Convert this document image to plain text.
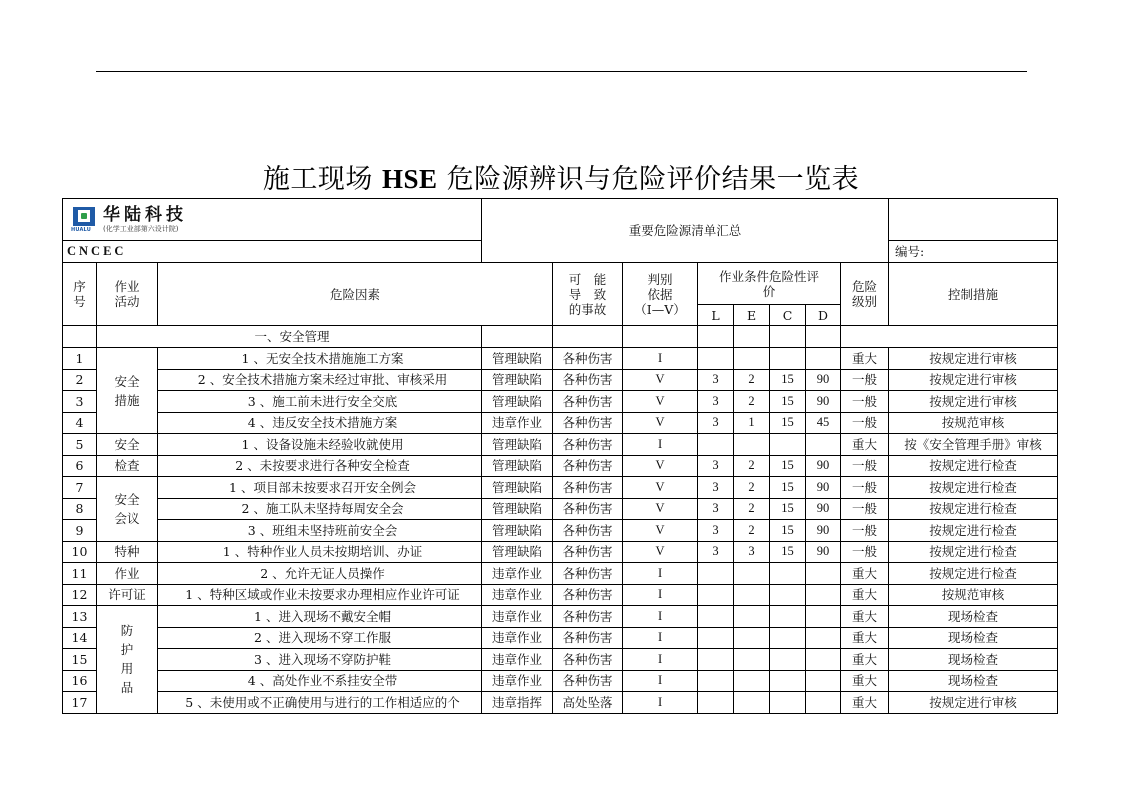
施工现场 HSE 危险源辨识与危险评价结果一览表
HUALU
华陆科技
(化学工业部第六设计院)			重要危险源清单汇总								
CNCEC											编号:
序
号	作业
活动	危险因素		可　能
导　致
的事故	判别
依据
（I—V）	作业条件危险性评
价				危险
级别	控制措施
						L	E	C	D		
	一、安全管理										
1	安全
措施	1 、无安全技术措施施工方案	管理缺陷	各种伤害	I					重大	按规定进行审核
2		2 、安全技术措施方案未经过审批、审核采用	管理缺陷	各种伤害	V	3	2	15	90	一般	按规定进行审核
3		3 、施工前未进行安全交底	管理缺陷	各种伤害	V	3	2	15	90	一般	按规定进行审核
4		4 、违反安全技术措施方案	违章作业	各种伤害	V	3	1	15	45	一般	按规范审核
5	安全	1 、设备设施未经验收就使用	管理缺陷	各种伤害	I					重大	按《安全管理手册》审核
6	检查	2 、未按要求进行各种安全检查	管理缺陷	各种伤害	V	3	2	15	90	一般	按规定进行检查
7	安全
会议	1 、项目部未按要求召开安全例会	管理缺陷	各种伤害	V	3	2	15	90	一般	按规定进行检查
8		2 、施工队未坚持每周安全会	管理缺陷	各种伤害	V	3	2	15	90	一般	按规定进行检查
9		3 、班组未坚持班前安全会	管理缺陷	各种伤害	V	3	2	15	90	一般	按规定进行检查
10	特种	1 、特种作业人员未按期培训、办证	管理缺陷	各种伤害	V	3	3	15	90	一般	按规定进行检查
11	作业	2 、允许无证人员操作	违章作业	各种伤害	I					重大	按规定进行检查
12	许可证	1 、特种区域或作业未按要求办理相应作业许可证	违章作业	各种伤害	I					重大	按规范审核
13	防
护
用
品	1 、进入现场不戴安全帽	违章作业	各种伤害	I					重大	现场检查
14		2 、进入现场不穿工作服	违章作业	各种伤害	I					重大	现场检查
15		3 、进入现场不穿防护鞋	违章作业	各种伤害	I					重大	现场检查
16		4 、高处作业不系挂安全带	违章作业	各种伤害	I					重大	现场检查
17		5 、未使用或不正确使用与进行的工作相适应的个	违章指挥	高处坠落	I					重大	按规定进行审核
